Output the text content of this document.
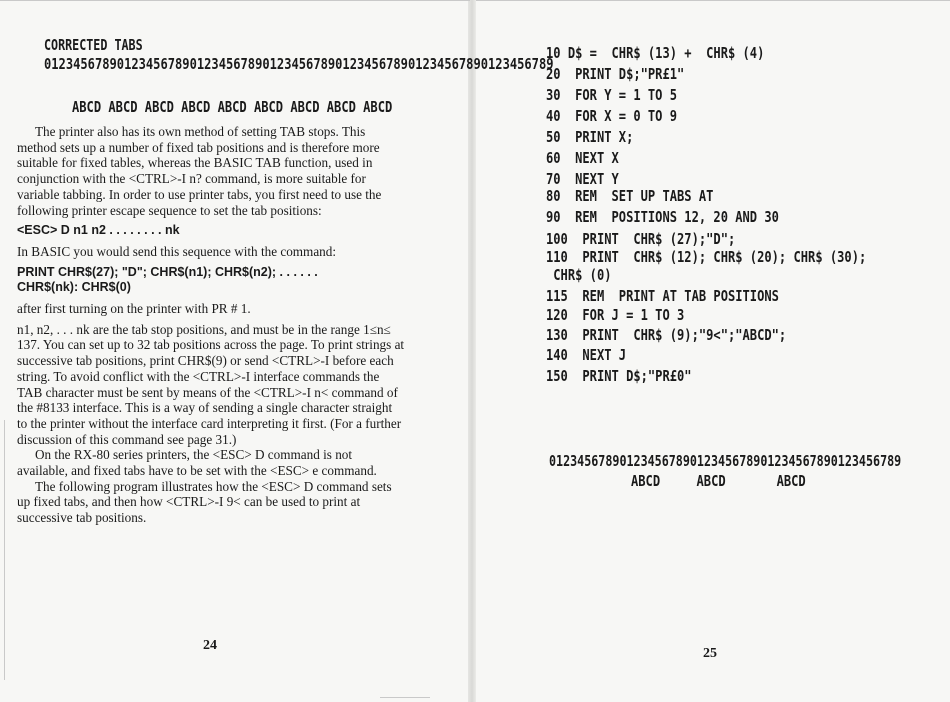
CORRECTED TABS
0123456789012345678901234567890123456789012345678901234567890123456789
ABCD ABCD ABCD ABCD ABCD ABCD ABCD ABCD ABCD

The printer also has its own method of setting TAB stops. This method sets up a number of fixed tab positions and is therefore more suitable for fixed tables, whereas the BASIC TAB function, used in conjunction with the <CTRL>-I n? command, is more suitable for variable tabbing. In order to use printer tabs, you first need to use the following printer escape sequence to set the tab positions:

<ESC> D n1 n2 . . . . . . . . nk

In BASIC you would send this sequence with the command:

PRINT CHR$(27); "D"; CHR$(n1); CHR$(n2); . . . . . .

CHR$(nk): CHR$(0)

after first turning on the printer with PR # 1.

n1, n2, . . . nk are the tab stop positions, and must be in the range 1≤n≤ 137. You can set up to 32 tab positions across the page. To print strings at successive tab positions, print CHR$(9) or send <CTRL>-I before each string. To avoid conflict with the <CTRL>-I interface commands the TAB character must be sent by means of the <CTRL>-I n< command of the #8133 interface. This is a way of sending a single character straight to the printer without the interface card interpreting it first. (For a further discussion of this command see page 31.)

On the RX-80 series printers, the <ESC> D command is not available, and fixed tabs have to be set with the <ESC> e command.

The following program illustrates how the <ESC> D command sets up fixed tabs, and then how <CTRL>-I 9< can be used to print at successive tab positions.

24
10 D$ =  CHR$ (13) +  CHR$ (4)
20  PRINT D$;"PR£1"
30  FOR Y = 1 TO 5
40  FOR X = 0 TO 9
50  PRINT X;
60  NEXT X
70  NEXT Y
80  REM  SET UP TABS AT
90  REM  POSITIONS 12, 20 AND 30
100  PRINT  CHR$ (27);"D";
110  PRINT  CHR$ (12); CHR$ (20); CHR$ (30);
CHR$ (0)
115  REM  PRINT AT TAB POSITIONS
120  FOR J = 1 TO 3
130  PRINT  CHR$ (9);"9<";"ABCD";
140  NEXT J
150  PRINT D$;"PR£0"
01234567890123456789012345678901234567890123456789
ABCD     ABCD       ABCD
25
